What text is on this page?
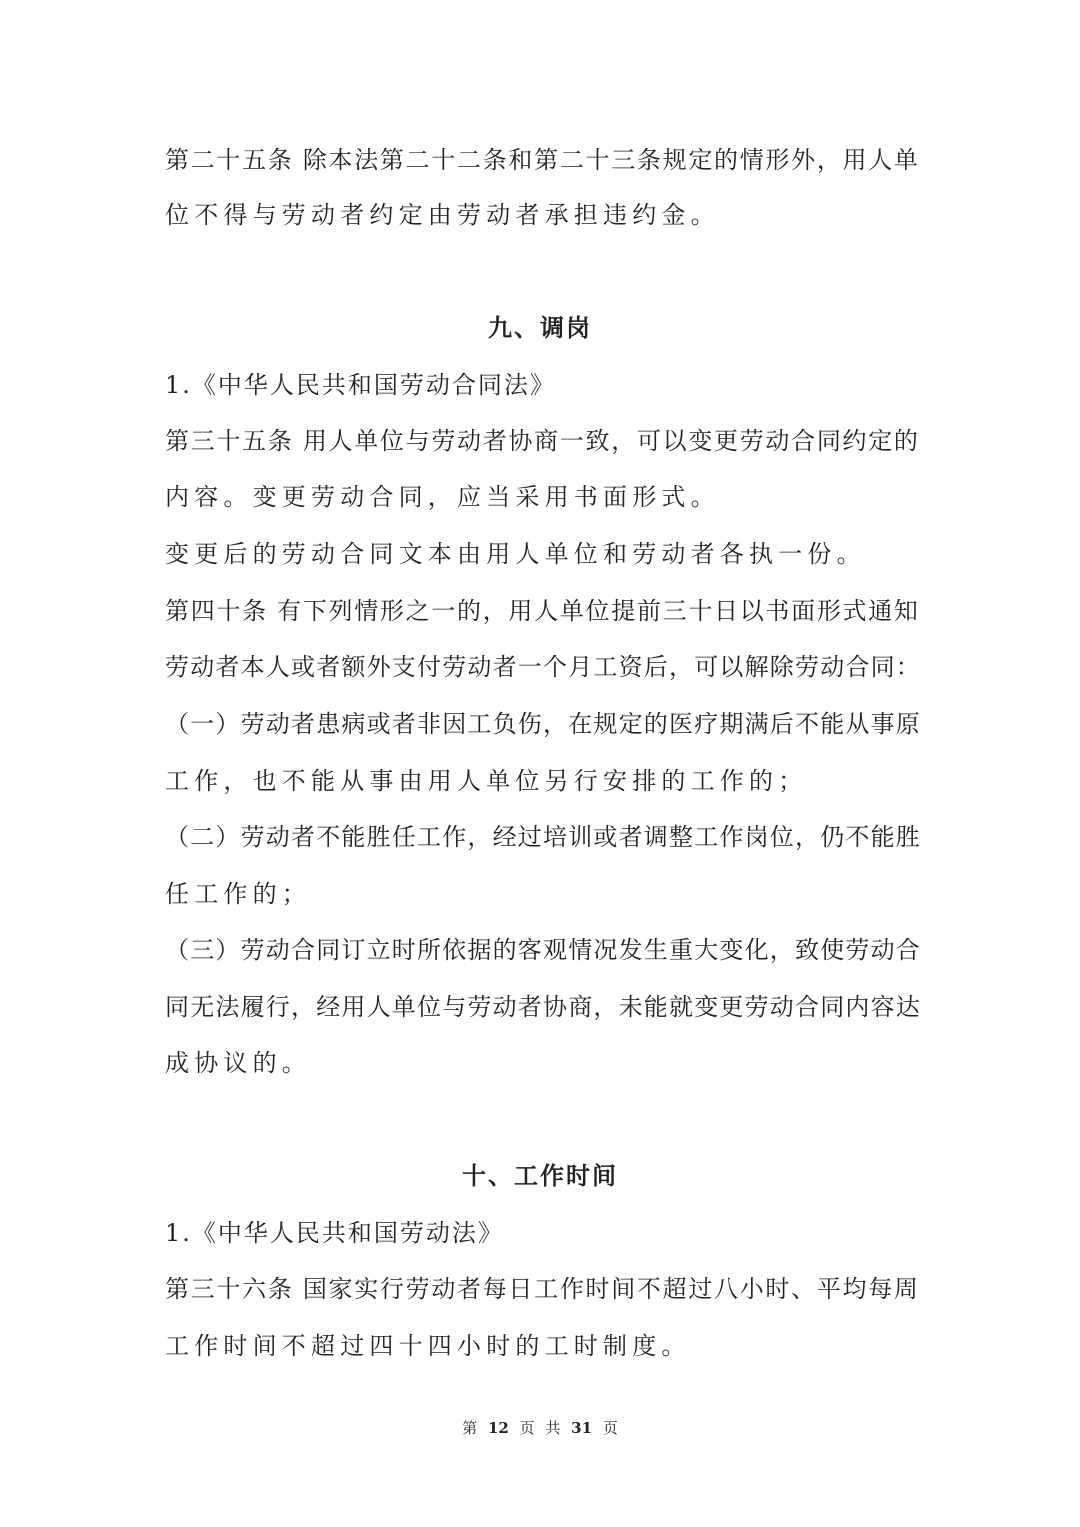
第二十五条 除本法第二十二条和第二十三条规定的情形外，用人单
位不得与劳动者约定由劳动者承担违约金。
九、调岗
1.《中华人民共和国劳动合同法》
第三十五条 用人单位与劳动者协商一致，可以变更劳动合同约定的
内容。变更劳动合同，应当采用书面形式。
变更后的劳动合同文本由用人单位和劳动者各执一份。
第四十条 有下列情形之一的，用人单位提前三十日以书面形式通知
劳动者本人或者额外支付劳动者一个月工资后，可以解除劳动合同：
（一）劳动者患病或者非因工负伤，在规定的医疗期满后不能从事原
工作，也不能从事由用人单位另行安排的工作的；
（二）劳动者不能胜任工作，经过培训或者调整工作岗位，仍不能胜
任工作的；
（三）劳动合同订立时所依据的客观情况发生重大变化，致使劳动合
同无法履行，经用人单位与劳动者协商，未能就变更劳动合同内容达
成协议的。
十、工作时间
1.《中华人民共和国劳动法》
第三十六条 国家实行劳动者每日工作时间不超过八小时、平均每周
工作时间不超过四十四小时的工时制度。
第 12 页 共 31 页
